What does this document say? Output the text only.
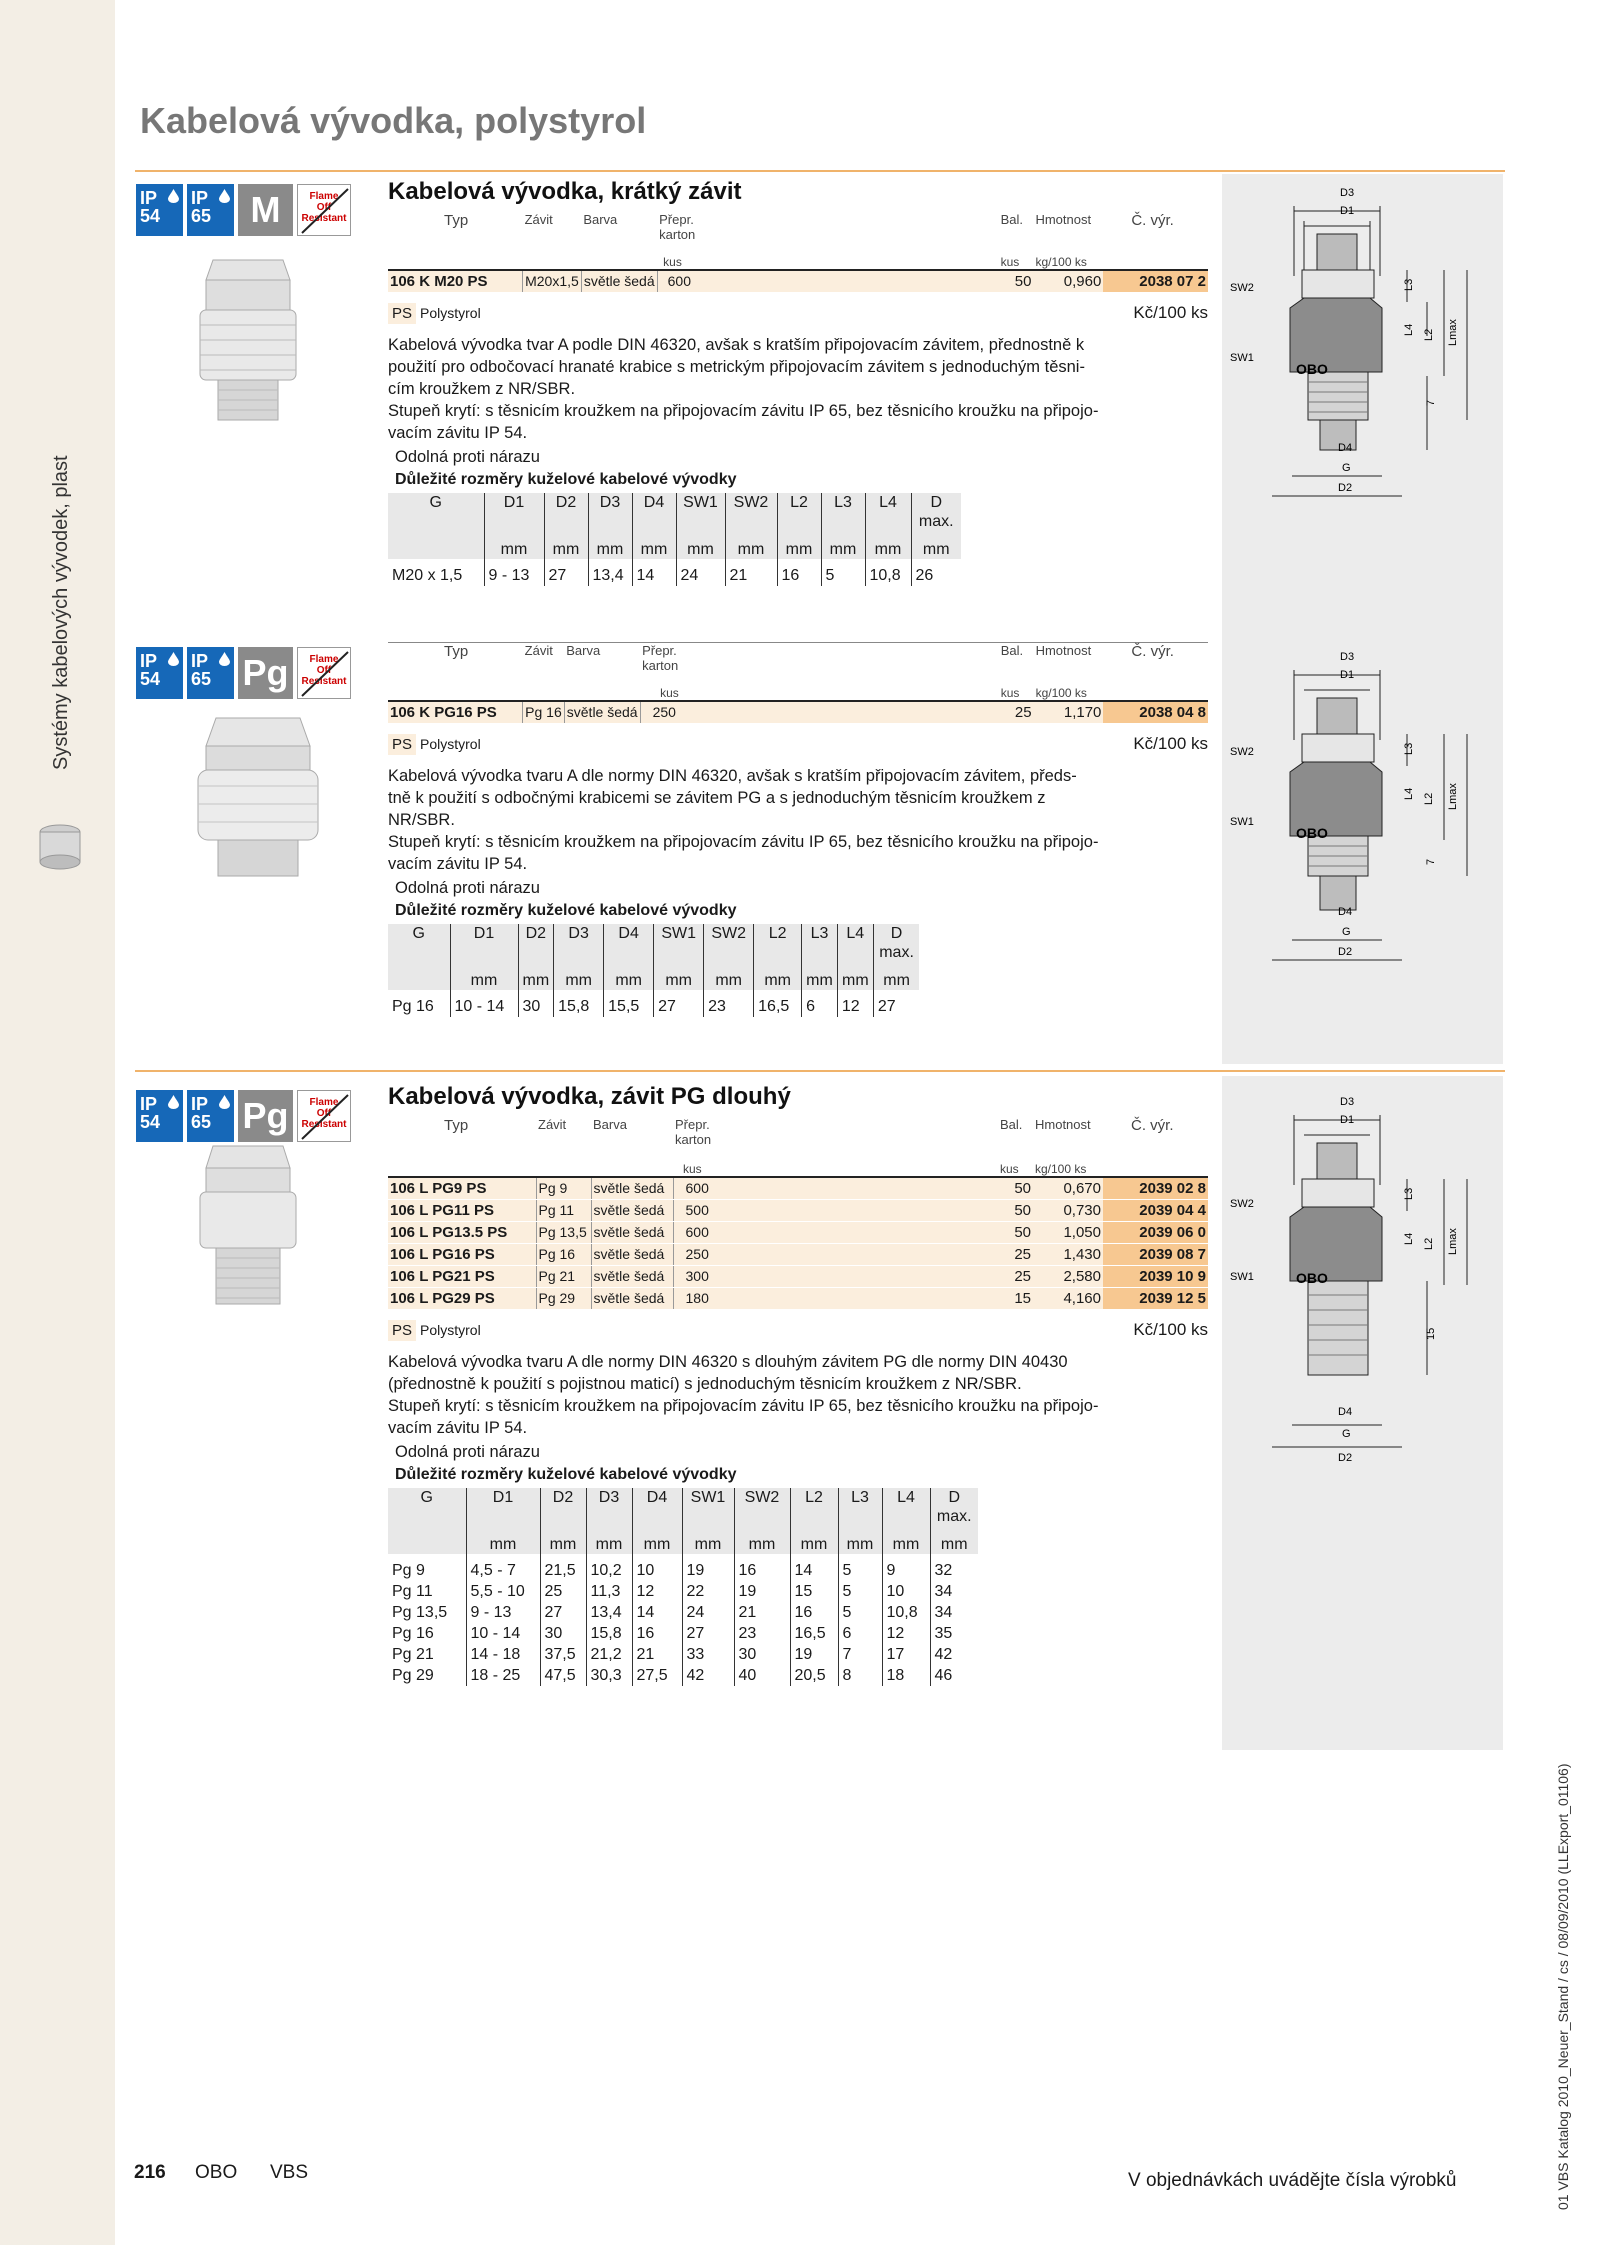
Systémy kabelových vývodek, plast
Kabelová vývodka, polystyrol
IP
54
IP
65	M	Flame
Off
Resistant
IP
54
IP
65 Pg	Flame
Off
Resistant
IP
54
IP
65 Pg	Flame
Off
Resistant
Kabelová vývodka, krátký závit
Typ	Závit	Barva	Přepr.
karton	Bal.	Hmotnost	Č. výr.
			kus	kus	kg/100 ks	
106 K M20 PS	M20x1,5	světle šedá	600	50	0,960	2038 07 2
PS Polystyrol	Kč/100 ks

Kabelová vývodka tvar A podle DIN 46320, avšak s kratším připojovacím závitem, přednostně k

použití pro odbočovací hranaté krabice s metrickým připojovacím závitem s jednoduchým těsni-

cím kroužkem z NR/SBR.

Stupeň krytí: s těsnicím kroužkem na připojovacím závitu IP 65, bez těsnicího kroužku na připojo-

vacím závitu IP 54.

Odolná proti nárazu
Důležité rozměry kuželové kabelové vývodky
G	D1	D2	D3	D4	SW1	SW2	L2	L3	L4	D
max.

	mm	mm	mm	mm	mm	mm	mm	mm	mm	mm
M20 x 1,5	9 - 13	27	13,4	14	24	21	16	5	10,8	26
Typ	Závit	Barva	Přepr.
karton	Bal.	Hmotnost	Č. výr.
			kus	kus	kg/100 ks	
106 K PG16 PS	Pg 16	světle šedá	250	25	1,170	2038 04 8
PS Polystyrol	Kč/100 ks

Kabelová vývodka tvaru A dle normy DIN 46320, avšak s kratším připojovacím závitem, předs-

tně k použití s odbočnými krabicemi se závitem PG a s jednoduchým těsnicím kroužkem z

NR/SBR.

Stupeň krytí: s těsnicím kroužkem na připojovacím závitu IP 65, bez těsnicího kroužku na připojo-

vacím závitu IP 54.

Odolná proti nárazu
Důležité rozměry kuželové kabelové vývodky
G	D1	D2	D3	D4	SW1	SW2	L2	L3	L4	D
max.

	mm	mm	mm	mm	mm	mm	mm	mm	mm	mm
Pg 16	10 - 14	30	15,8	15,5	27	23	16,5	6	12	27
Kabelová vývodka, závit PG dlouhý
Typ	Závit	Barva	Přepr.
karton	Bal.	Hmotnost	Č. výr.
			kus	kus	kg/100 ks	
106 L PG9 PS	Pg 9	světle šedá	600	50	0,670	2039 02 8
106 L PG11 PS	Pg 11	světle šedá	500	50	0,730	2039 04 4
106 L PG13.5 PS	Pg 13,5	světle šedá	600	50	1,050	2039 06 0
106 L PG16 PS	Pg 16	světle šedá	250	25	1,430	2039 08 7
106 L PG21 PS	Pg 21	světle šedá	300	25	2,580	2039 10 9
106 L PG29 PS	Pg 29	světle šedá	180	15	4,160	2039 12 5
PS Polystyrol	Kč/100 ks

Kabelová vývodka tvaru A dle normy DIN 46320 s dlouhým závitem PG dle normy DIN 40430

(přednostně k použití s pojistnou maticí) s jednoduchým těsnicím kroužkem z NR/SBR.

Stupeň krytí: s těsnicím kroužkem na připojovacím závitu IP 65, bez těsnicího kroužku na připojo-

vacím závitu IP 54.

Odolná proti nárazu
Důležité rozměry kuželové kabelové vývodky
G	D1	D2	D3	D4	SW1	SW2	L2	L3	L4	D
max.

	mm	mm	mm	mm	mm	mm	mm	mm	mm	mm
Pg 9	4,5 - 7	21,5	10,2	10	19	16	14	5	9	32
Pg 11	5,5 - 10	25	11,3	12	22	19	15	5	10	34
Pg 13,5	9 - 13	27	13,4	14	24	21	16	5	10,8	34
Pg 16	10 - 14	30	15,8	16	27	23	16,5	6	12	35
Pg 21	14 - 18	37,5	21,2	21	33	30	19	7	17	42
Pg 29	18 - 25	47,5	30,3	27,5	42	40	20,5	8	18	46
OBO
D3
D1
SW2
SW1
L3
L4 L2 Lmax
7
D4
G
D2
OBO
D3
D1
SW2
SW1
L3
L4 L2 Lmax
7
D4
G
D2
OBO
D3
D1
SW2
SW1
L3
L4 L2 Lmax
15
D4
G
D2
216 OBO VBS	V objednávkách uvádějte čísla výrobků	01 VBS Katalog 2010_Neuer_Stand / cs / 08/09/2010 (LLExport_01106)
